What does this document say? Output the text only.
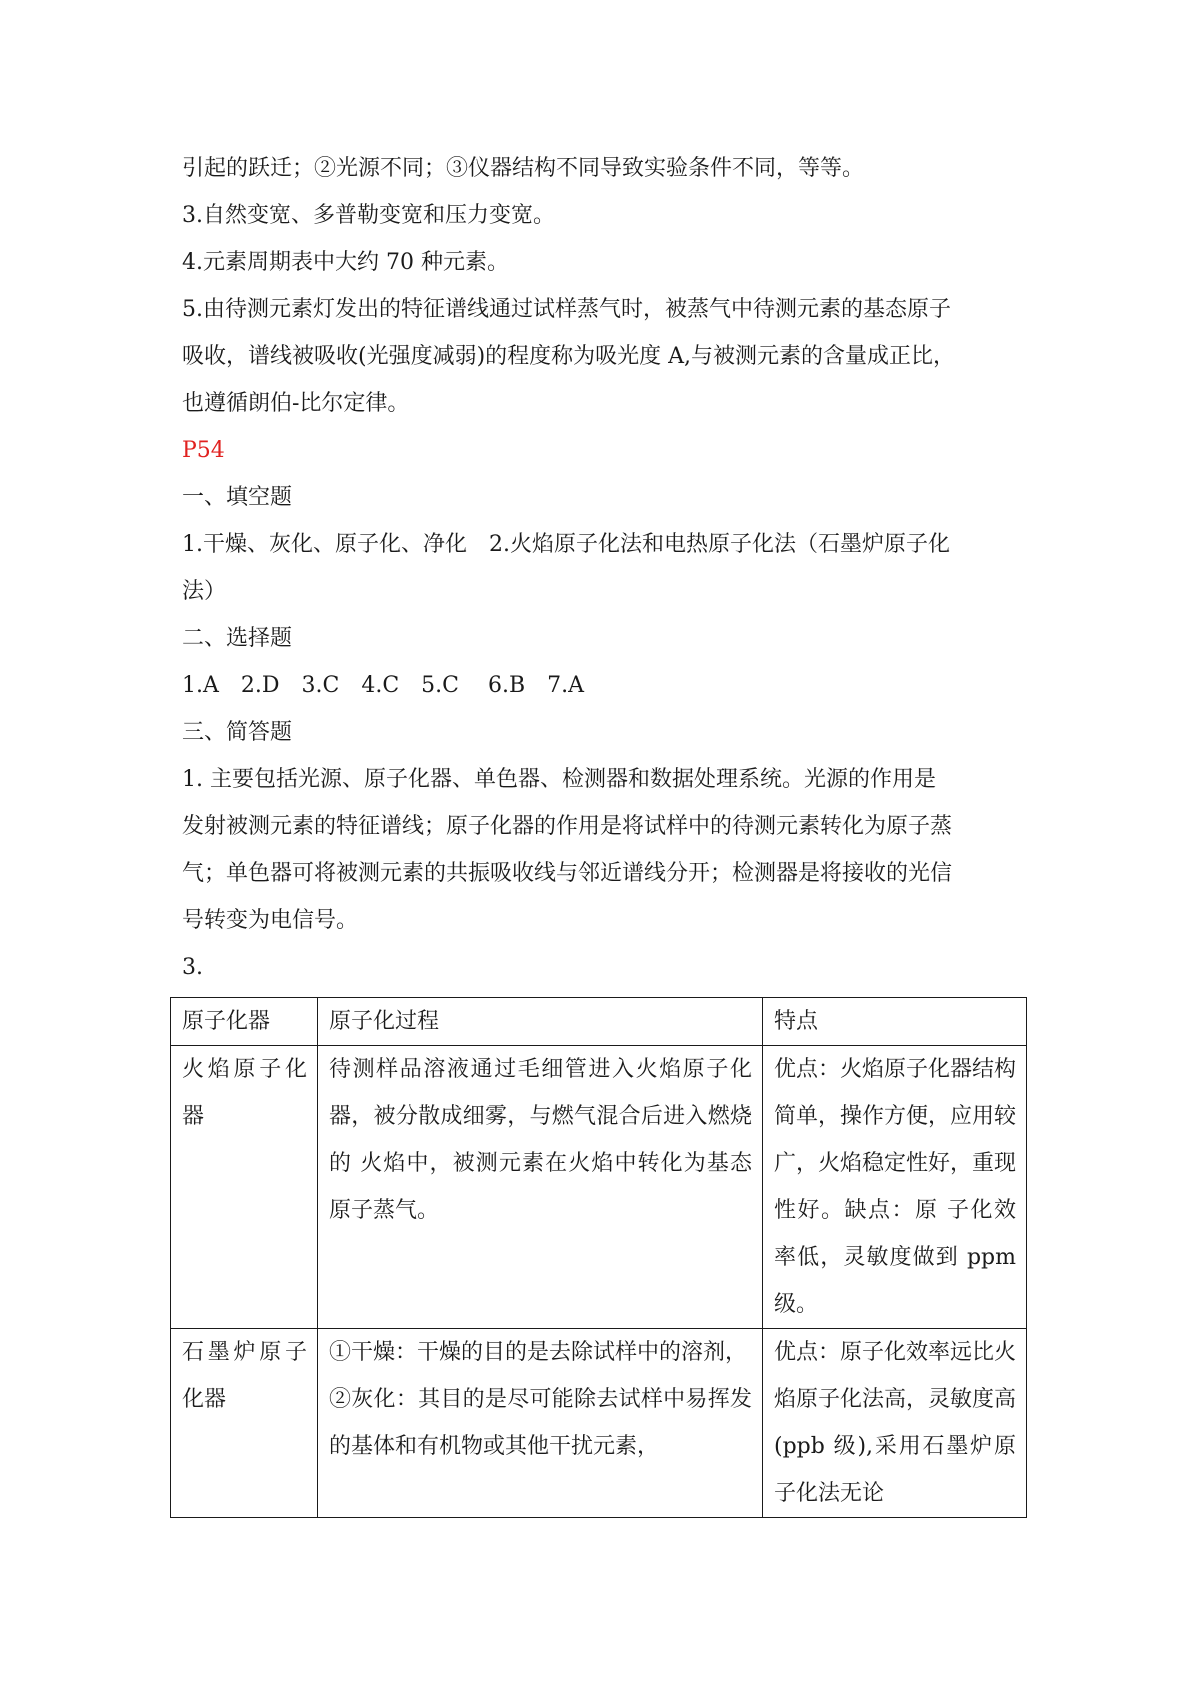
引起的跃迁；②光源不同；③仪器结构不同导致实验条件不同，等等。

3.自然变宽、多普勒变宽和压力变宽。

4.元素周期表中大约 70 种元素。

5.由待测元素灯发出的特征谱线通过试样蒸气时，被蒸气中待测元素的基态原子

吸收，谱线被吸收(光强度减弱)的程度称为吸光度 A,与被测元素的含量成正比，

也遵循朗伯-比尔定律。

P54

一、填空题

1.干燥、灰化、原子化、净化　2.火焰原子化法和电热原子化法（石墨炉原子化

法）

二、选择题

1.A　2.D　3.C　4.C　5.C　 6.B　7.A

三、简答题

1. 主要包括光源、原子化器、单色器、检测器和数据处理系统。光源的作用是

发射被测元素的特征谱线；原子化器的作用是将试样中的待测元素转化为原子蒸

气；单色器可将被测元素的共振吸收线与邻近谱线分开；检测器是将接收的光信

号转变为电信号。

3.

原子化器	原子化过程	特点
火焰原子化器	待测样品溶液通过毛细管进入火焰原子化器，被分散成细雾，与燃气混合后进入燃烧的 火焰中，被测元素在火焰中转化为基态原子蒸气。	优点：火焰原子化器结构简单，操作方便，应用较广，火焰稳定性好，重现性好。缺点：原 子化效率低，灵敏度做到 ppm 级。
石墨炉原子化器	①干燥：干燥的目的是去除试样中的溶剂，
②灰化：其目的是尽可能除去试样中易挥发的基体和有机物或其他干扰元素，	优点：原子化效率远比火焰原子化法高，灵敏度高(ppb 级),采用石墨炉原子化法无论
